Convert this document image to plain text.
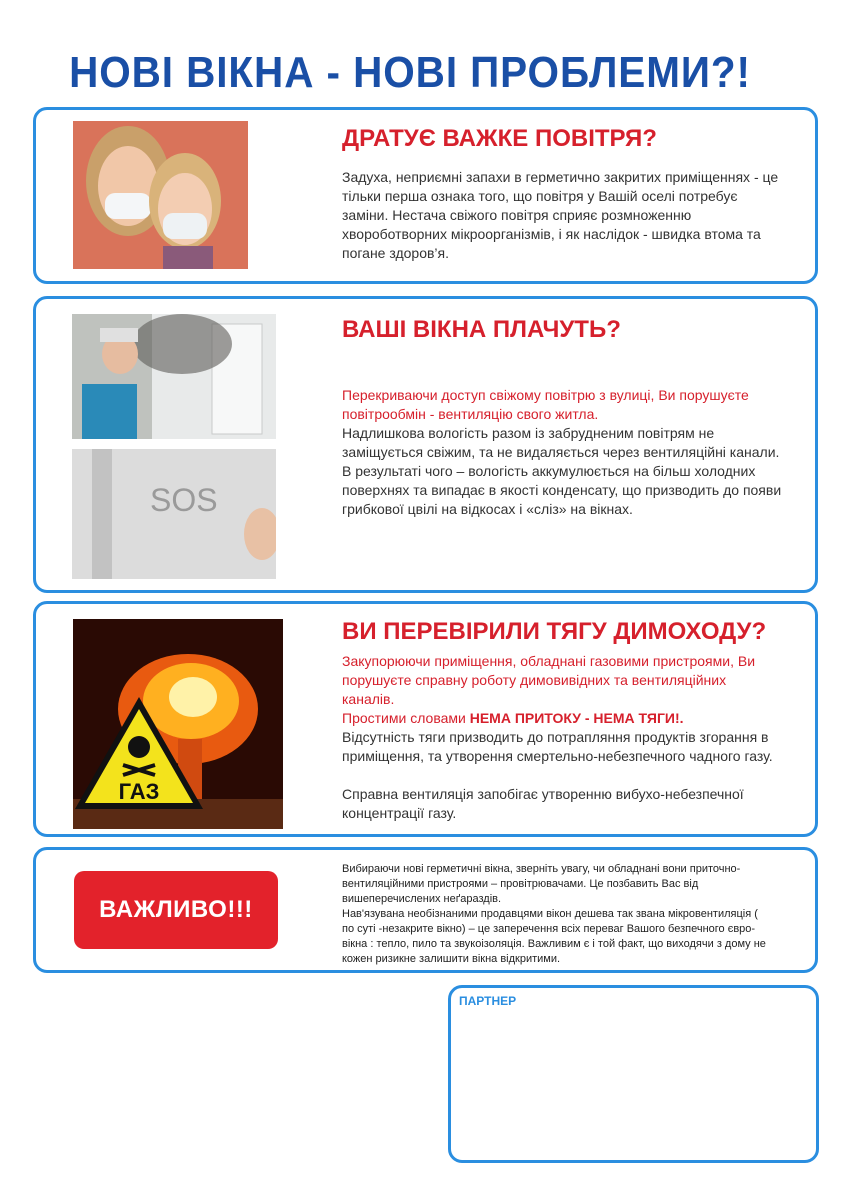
НОВІ ВІКНА - НОВІ ПРОБЛЕМИ?!
ДРАТУЄ ВАЖКЕ ПОВІТРЯ?

Задуха, неприємні запахи в герметично закритих приміщеннях - це тільки перша ознака того, що повітря у Вашій оселі потребує заміни. Нестача свіжого повітря сприяє розмноженню хвороботворних мікроорганізмів, і як наслідок - швидка втома та погане здоров’я.

SOS
ВАШІ ВІКНА ПЛАЧУТЬ?

Перекриваючи доступ свіжому повітрю з вулиці, Ви порушуєте повітрообмін - вентиляцію свого житла.

Надлишкова вологість разом із забрудненим повітрям не заміщується свіжим, та не видаляється через вентиляційні канали. В результаті чого – вологість аккумулюється на більш холодних поверхнях та випадає в якості конденсату, що призводить до появи грибкової цвілі на відкосах і «сліз» на вікнах.

ГАЗ
ВИ ПЕРЕВІРИЛИ ТЯГУ ДИМОХОДУ?

Закупорюючи приміщення, обладнані газовими пристроями, Ви порушуєте справну роботу димовивідних та вентиляційних каналів.

Простими словами НЕМА ПРИТОКУ - НЕМА ТЯГИ!.

Відсутність тяги призводить до потрапляння продуктів згорання в приміщення, та утворення смертельно-небезпечного чадного газу.

Справна вентиляція запобігає утворенню вибухо-небезпечної концентрації газу.

ВАЖЛИВО!!!

Вибираючи нові герметичні вікна, зверніть увагу, чи обладнані вони приточно-вентиляційними пристроями – провітрювачами. Це позбавить Вас від вишеперечислених неґараздів.

Нав'язувана необізнаними продавцями вікон дешева так звана мікровентиляція ( по суті -незакрите вікно) – це заперечення всіх переваг Вашого безпечного євро-вікна : тепло, пило та звукоізоляція. Важливим є і той факт, що виходячи з дому не кожен ризикне залишити вікна відкритими.

ПАРТНЕР
